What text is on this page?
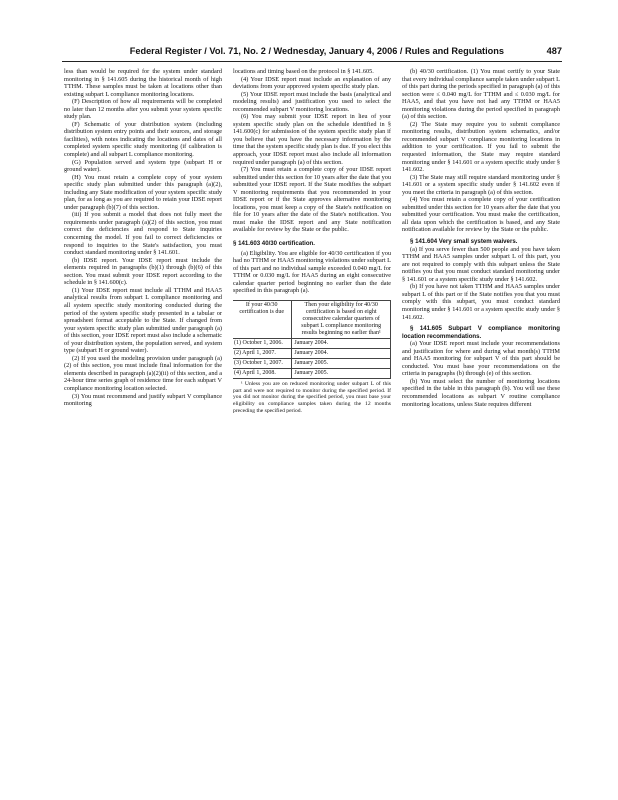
Federal Register / Vol. 71, No. 2 / Wednesday, January 4, 2006 / Rules and Regulations	487

less than would be required for the system under standard monitoring in § 141.605 during the historical month of high TTHM. These samples must be taken at locations other than existing subpart L compliance monitoring locations.

(F) Description of how all requirements will be completed no later than 12 months after you submit your system specific study plan.

(F) Schematic of your distribution system (including distribution system entry points and their sources, and storage facilities), with notes indicating the locations and dates of all completed system specific study monitoring (if calibration is complete) and all subpart L compliance monitoring.

(G) Population served and system type (subpart H or ground water).

(H) You must retain a complete copy of your system specific study plan submitted under this paragraph (a)(2), including any State modification of your system specific study plan, for as long as you are required to retain your IDSE report under paragraph (b)(7) of this section.

(iii) If you submit a model that does not fully meet the requirements under paragraph (a)(2) of this section, you must correct the deficiencies and respond to State inquiries concerning the model. If you fail to correct deficiencies or respond to inquiries to the State's satisfaction, you must conduct standard monitoring under § 141.601.

(b) IDSE report. Your IDSE report must include the elements required in paragraphs (b)(1) through (b)(6) of this section. You must submit your IDSE report according to the schedule in § 141.600(c).

(1) Your IDSE report must include all TTHM and HAA5 analytical results from subpart L compliance monitoring and all system specific study monitoring conducted during the period of the system specific study presented in a tabular or spreadsheet format acceptable to the State. If changed from your system specific study plan submitted under paragraph (a) of this section, your IDSE report must also include a schematic of your distribution system, the population served, and system type (subpart H or ground water).

(2) If you used the modeling provision under paragraph (a)(2) of this section, you must include final information for the elements described in paragraph (a)(2)(ii) of this section, and a 24-hour time series graph of residence time for each subpart V compliance monitoring location selected.

(3) You must recommend and justify subpart V compliance monitoring

locations and timing based on the protocol in § 141.605.

(4) Your IDSE report must include an explanation of any deviations from your approved system specific study plan.

(5) Your IDSE report must include the basis (analytical and modeling results) and justification you used to select the recommended subpart V monitoring locations.

(6) You may submit your IDSE report in lieu of your system specific study plan on the schedule identified in § 141.600(c) for submission of the system specific study plan if you believe that you have the necessary information by the time that the system specific study plan is due. If you elect this approach, your IDSE report must also include all information required under paragraph (a) of this section.

(7) You must retain a complete copy of your IDSE report submitted under this section for 10 years after the date that you submitted your IDSE report. If the State modifies the subpart V monitoring requirements that you recommended in your IDSE report or if the State approves alternative monitoring locations, you must keep a copy of the State's notification on file for 10 years after the date of the State's notification. You must make the IDSE report and any State notification available for review by the State or the public.

§ 141.603 40/30 certification.

(a) Eligibility. You are eligible for 40/30 certification if you had no TTHM or HAA5 monitoring violations under subpart L of this part and no individual sample exceeded 0.040 mg/L for TTHM or 0.030 mg/L for HAA5 during an eight consecutive calendar quarter period beginning no earlier than the date specified in this paragraph (a).

If your 40/30 certification is due	Then your eligibility for 40/30 certification is based on eight consecutive calendar quarters of subpart L compliance monitoring results beginning no earlier than¹
(1) October 1, 2006.	January 2004.
(2) April 1, 2007.	January 2004.
(3) October 1, 2007.	January 2005.
(4) April 1, 2008.	January 2005.

¹ Unless you are on reduced monitoring under subpart L of this part and were not required to monitor during the specified period. If you did not monitor during the specified period, you must base your eligibility on compliance samples taken during the 12 months preceding the specified period.

(b) 40/30 certification. (1) You must certify to your State that every individual compliance sample taken under subpart L of this part during the periods specified in paragraph (a) of this section were ≤ 0.040 mg/L for TTHM and ≤ 0.030 mg/L for HAA5, and that you have not had any TTHM or HAA5 monitoring violations during the period specified in paragraph (a) of this section.

(2) The State may require you to submit compliance monitoring results, distribution system schematics, and/or recommended subpart V compliance monitoring locations in addition to your certification. If you fail to submit the requested information, the State may require standard monitoring under § 141.601 or a system specific study under § 141.602.

(3) The State may still require standard monitoring under § 141.601 or a system specific study under § 141.602 even if you meet the criteria in paragraph (a) of this section.

(4) You must retain a complete copy of your certification submitted under this section for 10 years after the date that you submitted your certification. You must make the certification, all data upon which the certification is based, and any State notification available for review by the State or the public.

§ 141.604 Very small system waivers.

(a) If you serve fewer than 500 people and you have taken TTHM and HAA5 samples under subpart L of this part, you are not required to comply with this subpart unless the State notifies you that you must conduct standard monitoring under § 141.601 or a system specific study under § 141.602.

(b) If you have not taken TTHM and HAA5 samples under subpart L of this part or if the State notifies you that you must comply with this subpart, you must conduct standard monitoring under § 141.601 or a system specific study under § 141.602.

§ 141.605 Subpart V compliance monitoring location recommendations.

(a) Your IDSE report must include your recommendations and justification for where and during what month(s) TTHM and HAA5 monitoring for subpart V of this part should be conducted. You must base your recommendations on the criteria in paragraphs (b) through (e) of this section.

(b) You must select the number of monitoring locations specified in the table in this paragraph (b). You will use these recommended locations as subpart V routine compliance monitoring locations, unless State requires different
